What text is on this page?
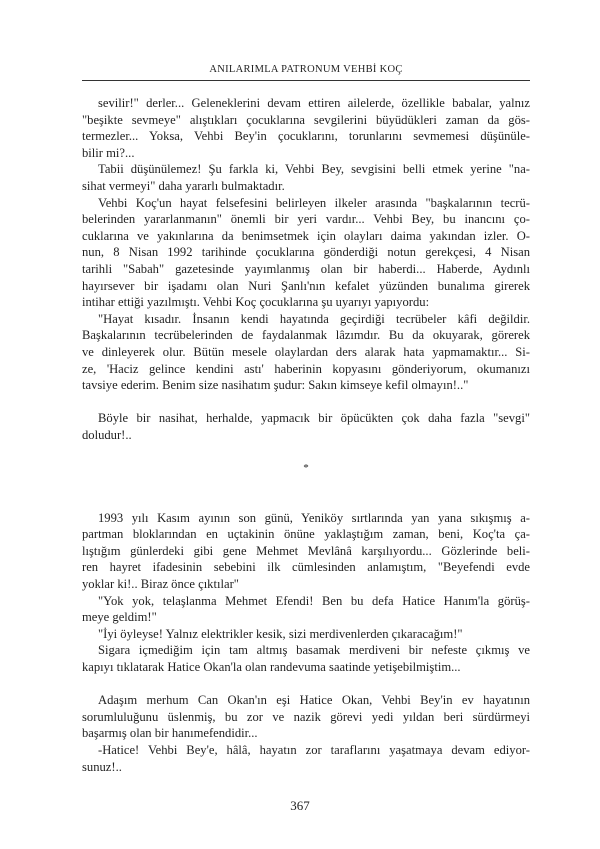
ANILARIMLA PATRONUM VEHBİ KOÇ
sevilir!" derler... Geleneklerini devam ettiren ailelerde, özellikle babalar, yalnız
"beşikte sevmeye" alıştıkları çocuklarına sevgilerini büyüdükleri zaman da gös-
termezler... Yoksa, Vehbi Bey'in çocuklarını, torunlarını sevmemesi düşünüle-
bilir mi?...
Tabii düşünülemez! Şu farkla ki, Vehbi Bey, sevgisini belli etmek yerine "na-
sihat vermeyi" daha yararlı bulmaktadır.
Vehbi Koç'un hayat felsefesini belirleyen ilkeler arasında "başkalarının tecrü-
belerinden yararlanmanın" önemli bir yeri vardır... Vehbi Bey, bu inancını ço-
cuklarına ve yakınlarına da benimsetmek için olayları daima yakından izler. O-
nun, 8 Nisan 1992 tarihinde çocuklarına gönderdiği notun gerekçesi, 4 Nisan
tarihli "Sabah" gazetesinde yayımlanmış olan bir haberdi... Haberde, Aydınlı
hayırsever bir işadamı olan Nuri Şanlı'nın kefalet yüzünden bunalıma girerek
intihar ettiği yazılmıştı. Vehbi Koç çocuklarına şu uyarıyı yapıyordu:
"Hayat kısadır. İnsanın kendi hayatında geçirdiği tecrübeler kâfi değildir.
Başkalarının tecrübelerinden de faydalanmak lâzımdır. Bu da okuyarak, görerek
ve dinleyerek olur. Bütün mesele olaylardan ders alarak hata yapmamaktır... Si-
ze, 'Haciz gelince kendini astı' haberinin kopyasını gönderiyorum, okumanızı
tavsiye ederim. Benim size nasihatım şudur: Sakın kimseye kefil olmayın!.."
Böyle bir nasihat, herhalde, yapmacık bir öpücükten çok daha fazla "sevgi"
doludur!..
*
1993 yılı Kasım ayının son günü, Yeniköy sırtlarında yan yana sıkışmış a-
partman bloklarından en uçtakinin önüne yaklaştığım zaman, beni, Koç'ta ça-
lıştığım günlerdeki gibi gene Mehmet Mevlânâ karşılıyordu... Gözlerinde beli-
ren hayret ifadesinin sebebini ilk cümlesinden anlamıştım, "Beyefendi evde
yoklar ki!.. Biraz önce çıktılar"
"Yok yok, telaşlanma Mehmet Efendi! Ben bu defa Hatice Hanım'la görüş-
meye geldim!"
"İyi öyleyse! Yalnız elektrikler kesik, sizi merdivenlerden çıkaracağım!"
Sigara içmediğim için tam altmış basamak merdiveni bir nefeste çıkmış ve
kapıyı tıklatarak Hatice Okan'la olan randevuma saatinde yetişebilmiştim...
Adaşım merhum Can Okan'ın eşi Hatice Okan, Vehbi Bey'in ev hayatının
sorumluluğunu üslenmiş, bu zor ve nazik görevi yedi yıldan beri sürdürmeyi
başarmış olan bir hanımefendidir...
-Hatice! Vehbi Bey'e, hâlâ, hayatın zor taraflarını yaşatmaya devam ediyor-
sunuz!..
367
